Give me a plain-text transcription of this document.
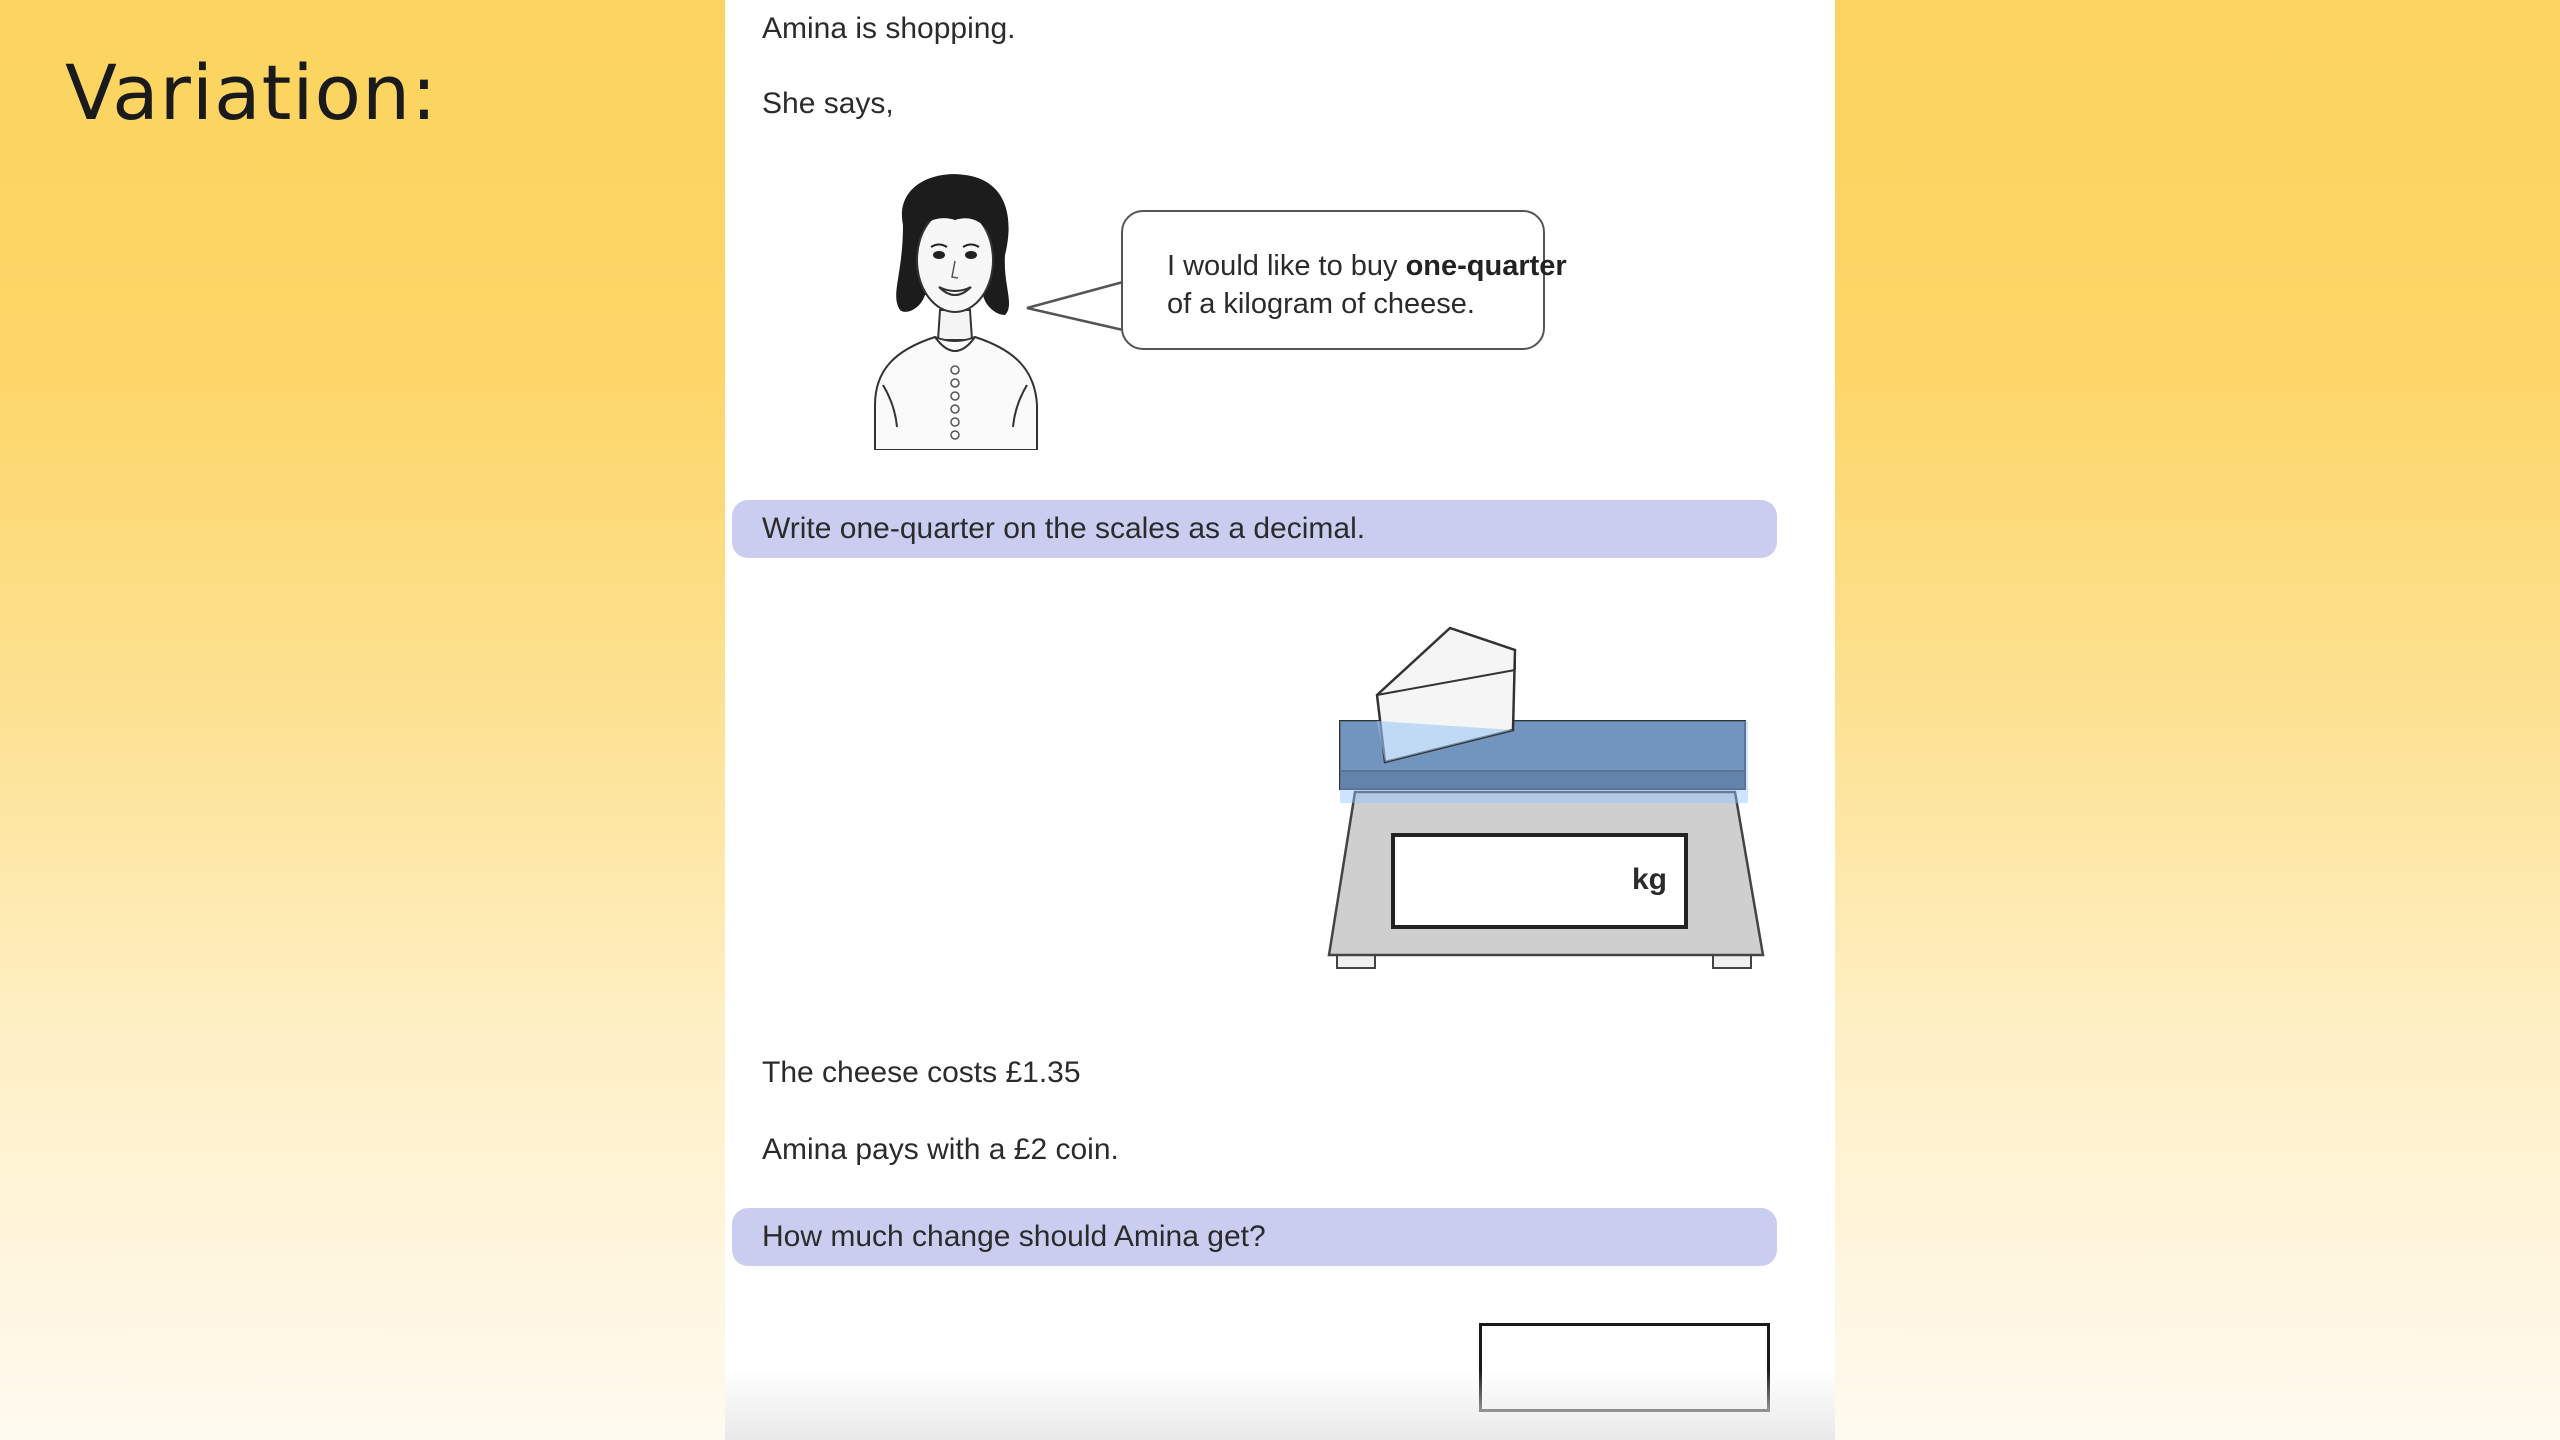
Variation:
Amina is shopping.
She says,

I would like to buy one-quarter
of a kilogram of cheese.

Write one-quarter on the scales as a decimal.
kg
The cheese costs £1.35
Amina pays with a £2 coin.
How much change should Amina get?
